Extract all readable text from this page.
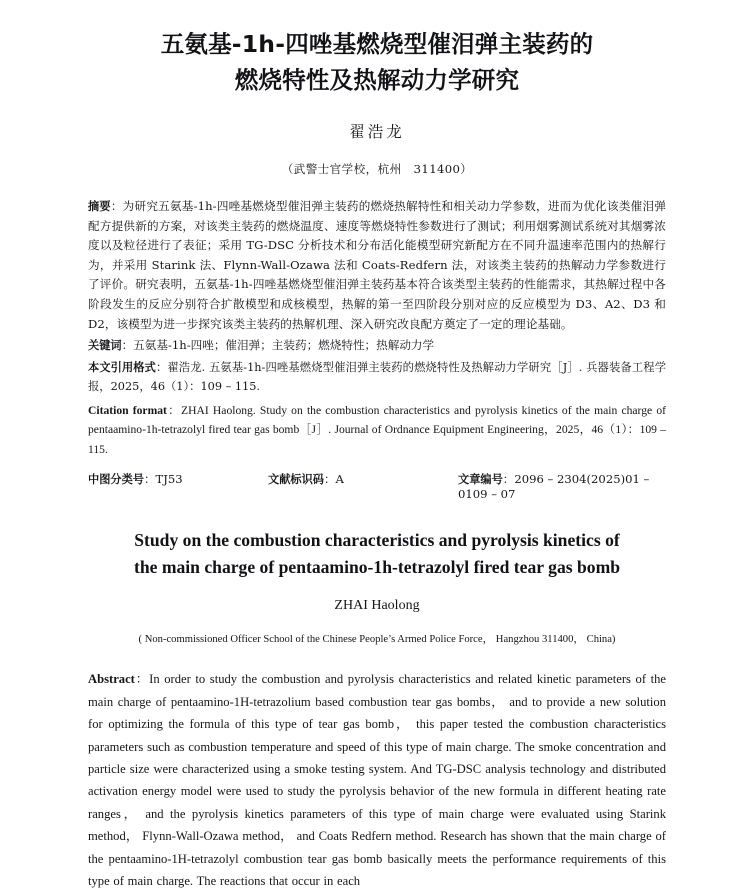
五氨基-1h-四唑基燃烧型催泪弹主装药的
燃烧特性及热解动力学研究

翟浩龙

（武警士官学校，杭州　311400）

摘要：为研究五氨基-1h-四唑基燃烧型催泪弹主装药的燃烧热解特性和相关动力学参数，进而为优化该类催泪弹配方提供新的方案，对该类主装药的燃烧温度、速度等燃烧特性参数进行了测试；利用烟雾测试系统对其烟雾浓度以及粒径进行了表征；采用 TG-DSC 分析技术和分布活化能模型研究新配方在不同升温速率范围内的热解行为，并采用 Starink 法、Flynn-Wall-Ozawa 法和 Coats-Redfern 法，对该类主装药的热解动力学参数进行了评价。研究表明，五氨基-1h-四唑基燃烧型催泪弹主装药基本符合该类型主装药的性能需求，其热解过程中各阶段发生的反应分别符合扩散模型和成核模型，热解的第一至四阶段分别对应的反应模型为 D3、A2、D3 和 D2，该模型为进一步探究该类主装药的热解机理、深入研究改良配方奠定了一定的理论基础。

关键词：五氨基-1h-四唑；催泪弹；主装药；燃烧特性；热解动力学

本文引用格式：翟浩龙. 五氨基-1h-四唑基燃烧型催泪弹主装药的燃烧特性及热解动力学研究［J］. 兵器装备工程学报，2025，46（1）：109 – 115.

Citation format：ZHAI Haolong. Study on the combustion characteristics and pyrolysis kinetics of the main charge of pentaamino-1h-tetrazolyl fired tear gas bomb［J］. Journal of Ordnance Equipment Engineering，2025，46（1）：109 – 115.

中图分类号：TJ53	文献标识码：A	文章编号：2096 – 2304(2025)01 – 0109 – 07
Study on the combustion characteristics and pyrolysis kinetics of
the main charge of pentaamino-1h-tetrazolyl fired tear gas bomb

ZHAI Haolong

( Non-commissioned Officer School of the Chinese People’s Armed Police Force， Hangzhou 311400， China)

Abstract：In order to study the combustion and pyrolysis characteristics and related kinetic parameters of the main charge of pentaamino-1H-tetrazolium based combustion tear gas bombs， and to provide a new solution for optimizing the formula of this type of tear gas bomb， this paper tested the combustion characteristics parameters such as combustion temperature and speed of this type of main charge. The smoke concentration and particle size were characterized using a smoke testing system. And TG-DSC analysis technology and distributed activation energy model were used to study the pyrolysis behavior of the new formula in different heating rate ranges， and the pyrolysis kinetics parameters of this type of main charge were evaluated using Starink method， Flynn-Wall-Ozawa method， and Coats Redfern method. Research has shown that the main charge of the pentaamino-1H-tetrazolyl combustion tear gas bomb basically meets the performance requirements of this type of main charge. The reactions that occur in each
